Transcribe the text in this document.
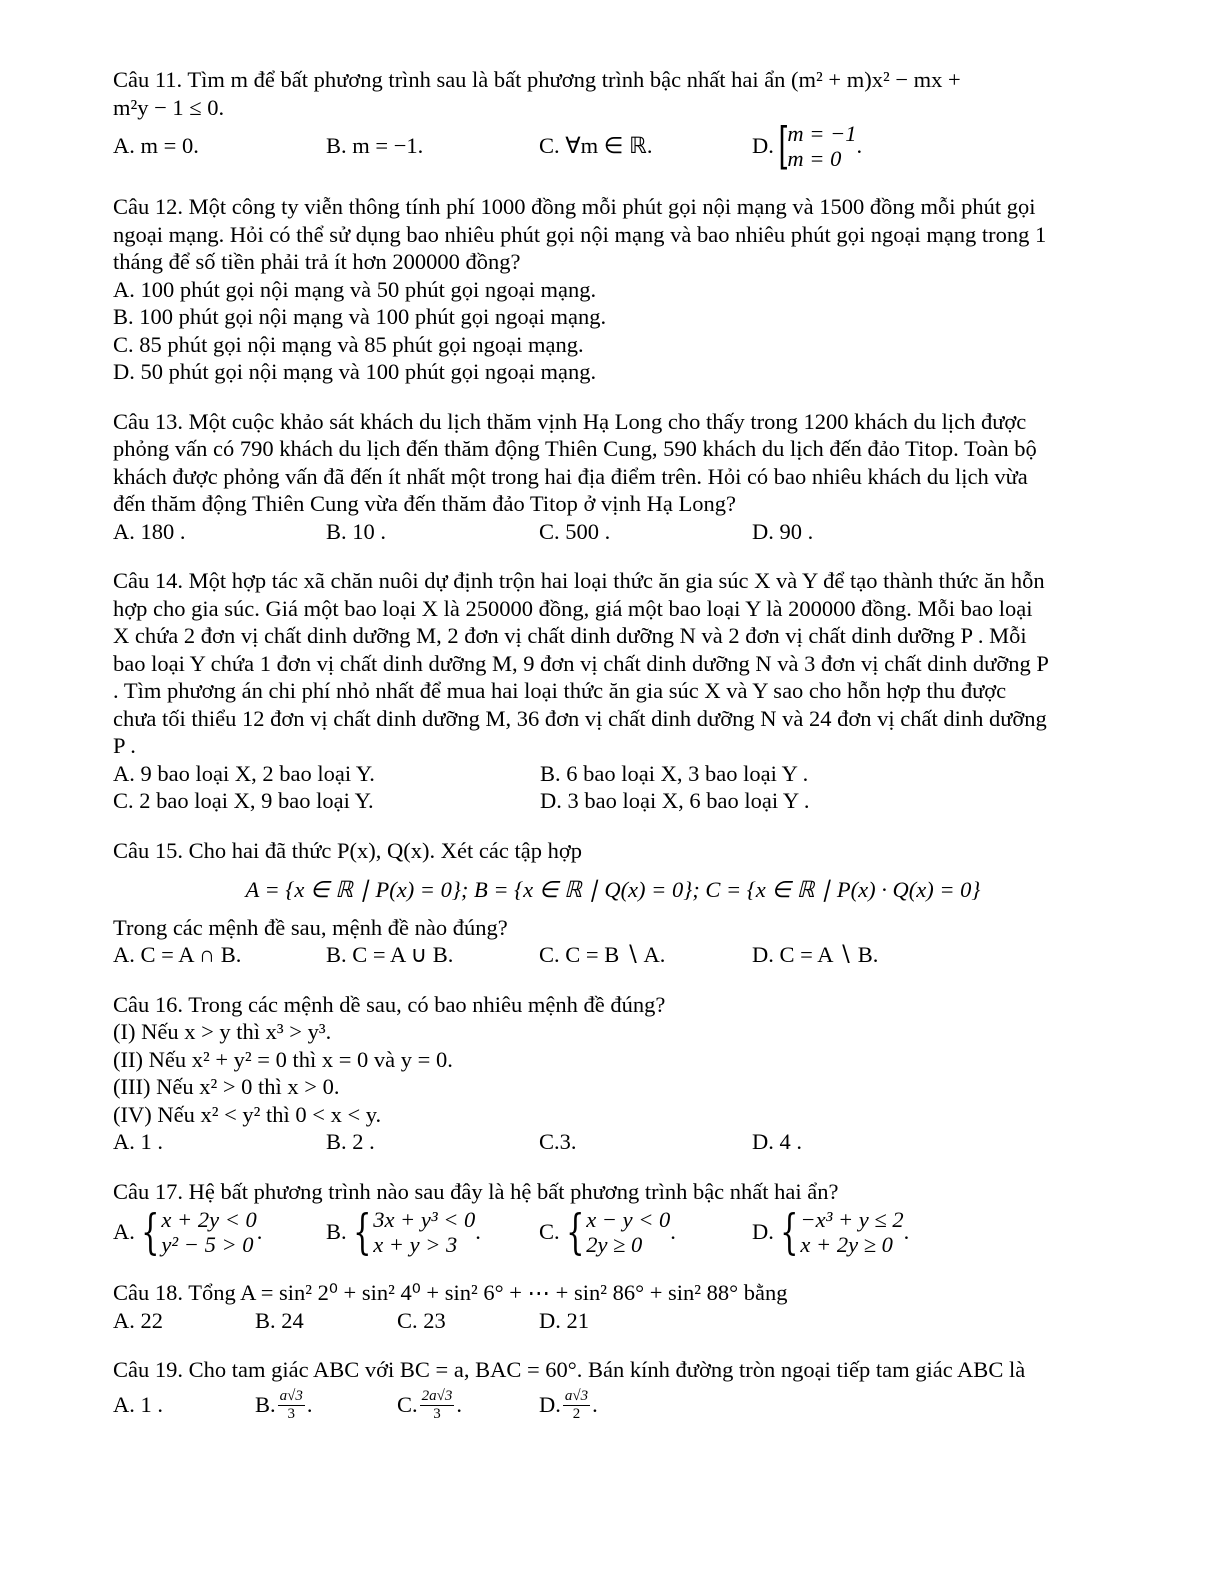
Câu 11. Tìm m để bất phương trình sau là bất phương trình bậc nhất hai ẩn (m² + m)x² − mx +
m²y − 1 ≤ 0.
A. m = 0.	B. m = −1.	C. ∀m ∈ ℝ.	D. [
m = −1
m = 0
.
Câu 12. Một công ty viễn thông tính phí 1000 đồng mỗi phút gọi nội mạng và 1500 đồng mỗi phút gọi
ngoại mạng. Hỏi có thể sử dụng bao nhiêu phút gọi nội mạng và bao nhiêu phút gọi ngoại mạng trong 1
tháng để số tiền phải trả ít hơn 200000 đồng?
A. 100 phút gọi nội mạng và 50 phút gọi ngoại mạng.
B. 100 phút gọi nội mạng và 100 phút gọi ngoại mạng.
C. 85 phút gọi nội mạng và 85 phút gọi ngoại mạng.
D. 50 phút gọi nội mạng và 100 phút gọi ngoại mạng.
Câu 13. Một cuộc khảo sát khách du lịch thăm vịnh Hạ Long cho thấy trong 1200 khách du lịch được
phỏng vấn có 790 khách du lịch đến thăm động Thiên Cung, 590 khách du lịch đến đảo Titop. Toàn bộ
khách được phỏng vấn đã đến ít nhất một trong hai địa điểm trên. Hỏi có bao nhiêu khách du lịch vừa
đến thăm động Thiên Cung vừa đến thăm đảo Titop ở vịnh Hạ Long?
A. 180 .	B. 10 .	C. 500 .	D. 90 .
Câu 14. Một hợp tác xã chăn nuôi dự định trộn hai loại thức ăn gia súc X và Y để tạo thành thức ăn hỗn
hợp cho gia súc. Giá một bao loại X là 250000 đồng, giá một bao loại Y là 200000 đồng. Mỗi bao loại
X chứa 2 đơn vị chất dinh dưỡng M, 2 đơn vị chất dinh dưỡng N và 2 đơn vị chất dinh dưỡng P . Mỗi
bao loại Y chứa 1 đơn vị chất dinh dưỡng M, 9 đơn vị chất dinh dưỡng N và 3 đơn vị chất dinh dưỡng P
. Tìm phương án chi phí nhỏ nhất để mua hai loại thức ăn gia súc X và Y sao cho hỗn hợp thu được
chưa tối thiểu 12 đơn vị chất dinh dưỡng M, 36 đơn vị chất dinh dưỡng N và 24 đơn vị chất dinh dưỡng
P .
A. 9 bao loại X, 2 bao loại Y.	B. 6 bao loại X, 3 bao loại Y .
C. 2 bao loại X, 9 bao loại Y.	D. 3 bao loại X, 6 bao loại Y .
Câu 15. Cho hai đã thức P(x), Q(x). Xét các tập hợp
A = {x ∈ ℝ ∣ P(x) = 0}; B = {x ∈ ℝ ∣ Q(x) = 0}; C = {x ∈ ℝ ∣ P(x) · Q(x) = 0}
Trong các mệnh đề sau, mệnh đề nào đúng?
A. C = A ∩ B.	B. C = A ∪ B.	C. C = B ∖ A.	D. C = A ∖ B.
Câu 16. Trong các mệnh dề sau, có bao nhiêu mệnh đề đúng?
(I) Nếu x > y thì x³ > y³.
(II) Nếu x² + y² = 0 thì x = 0 và y = 0.
(III) Nếu x² > 0 thì x > 0.
(IV) Nếu x² < y² thì 0 < x < y.
A. 1 .	B. 2 .	C.3.	D. 4 .
Câu 17. Hệ bất phương trình nào sau đây là hệ bất phương trình bậc nhất hai ẩn?
A. { x + 2y < 0
y² − 5 > 0
.	B. { 3x + y³ < 0
x + y > 3
.	C. { x − y < 0
2y ≥ 0
.	D. { −x³ + y ≤ 2
x + 2y ≥ 0
.
Câu 18. Tổng A = sin² 2⁰ + sin² 4⁰ + sin² 6° + ⋯ + sin² 86° + sin² 88° bằng
A. 22	B. 24	C. 23	D. 21
Câu 19. Cho tam giác ABC với BC = a, BAC = 60°. Bán kính đường tròn ngoại tiếp tam giác ABC là
A. 1 .	B. $\frac{a√3}{3}$ .	C. $\frac{2a√3}{3}$ .	D. $\frac{a√3}{2}$ .
